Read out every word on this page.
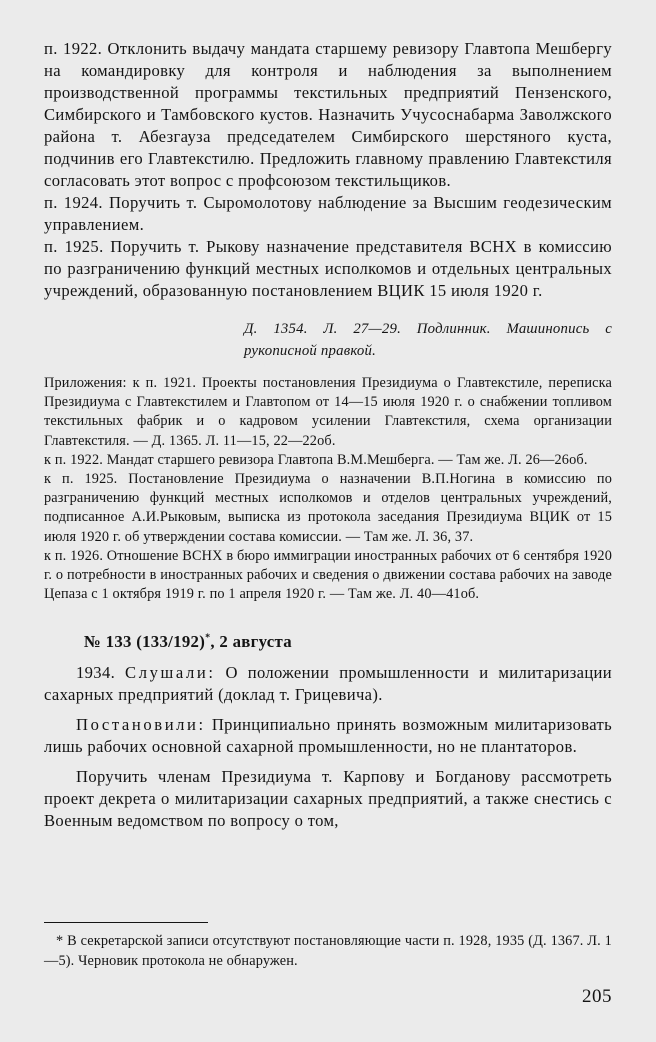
п. 1922. Отклонить выдачу мандата старшему ревизору Главтопа Мешбергу на командировку для контроля и наблюдения за выполнением производственной программы текстильных предприятий Пензенского, Симбирского и Тамбовского кустов. Назначить Учусоснабарма Заволжского района т. Абезгауза председателем Симбирского шерстяного куста, подчинив его Главтекстилю. Предложить главному правлению Главтекстиля согласовать этот вопрос с профсоюзом текстильщиков.

п. 1924. Поручить т. Сыромолотову наблюдение за Высшим геодезическим управлением.

п. 1925. Поручить т. Рыкову назначение представителя ВСНХ в комиссию по разграничению функций местных исполкомов и отдельных центральных учреждений, образованную постановлением ВЦИК 15 июля 1920 г.

Д. 1354. Л. 27—29. Подлинник. Машинопись с рукописной правкой.

Приложения: к п. 1921. Проекты постановления Президиума о Главтекстиле, переписка Президиума с Главтекстилем и Главтопом от 14—15 июля 1920 г. о снабжении топливом текстильных фабрик и о кадровом усилении Главтекстиля, схема организации Главтекстиля. — Д. 1365. Л. 11—15, 22—22об.

к п. 1922. Мандат старшего ревизора Главтопа В.М.Мешберга. — Там же. Л. 26—26об.

к п. 1925. Постановление Президиума о назначении В.П.Ногина в комиссию по разграничению функций местных исполкомов и отделов центральных учреждений, подписанное А.И.Рыковым, выписка из протокола заседания Президиума ВЦИК от 15 июля 1920 г. об утверждении состава комиссии. — Там же. Л. 36, 37.

к п. 1926. Отношение ВСНХ в бюро иммиграции иностранных рабочих от 6 сентября 1920 г. о потребности в иностранных рабочих и сведения о движении состава рабочих на заводе Цепаза с 1 октября 1919 г. по 1 апреля 1920 г. — Там же. Л. 40—41об.

№ 133 (133/192)*, 2 августа

1934. Слушали: О положении промышленности и милитаризации сахарных предприятий (доклад т. Грицевича).

Постановили: Принципиально принять возможным милитаризовать лишь рабочих основной сахарной промышленности, но не плантаторов.

Поручить членам Президиума т. Карпову и Богданову рассмотреть проект декрета о милитаризации сахарных предприятий, а также снестись с Военным ведомством по вопросу о том,

* В секретарской записи отсутствуют постановляющие части п. 1928, 1935 (Д. 1367. Л. 1—5). Черновик протокола не обнаружен.

205
